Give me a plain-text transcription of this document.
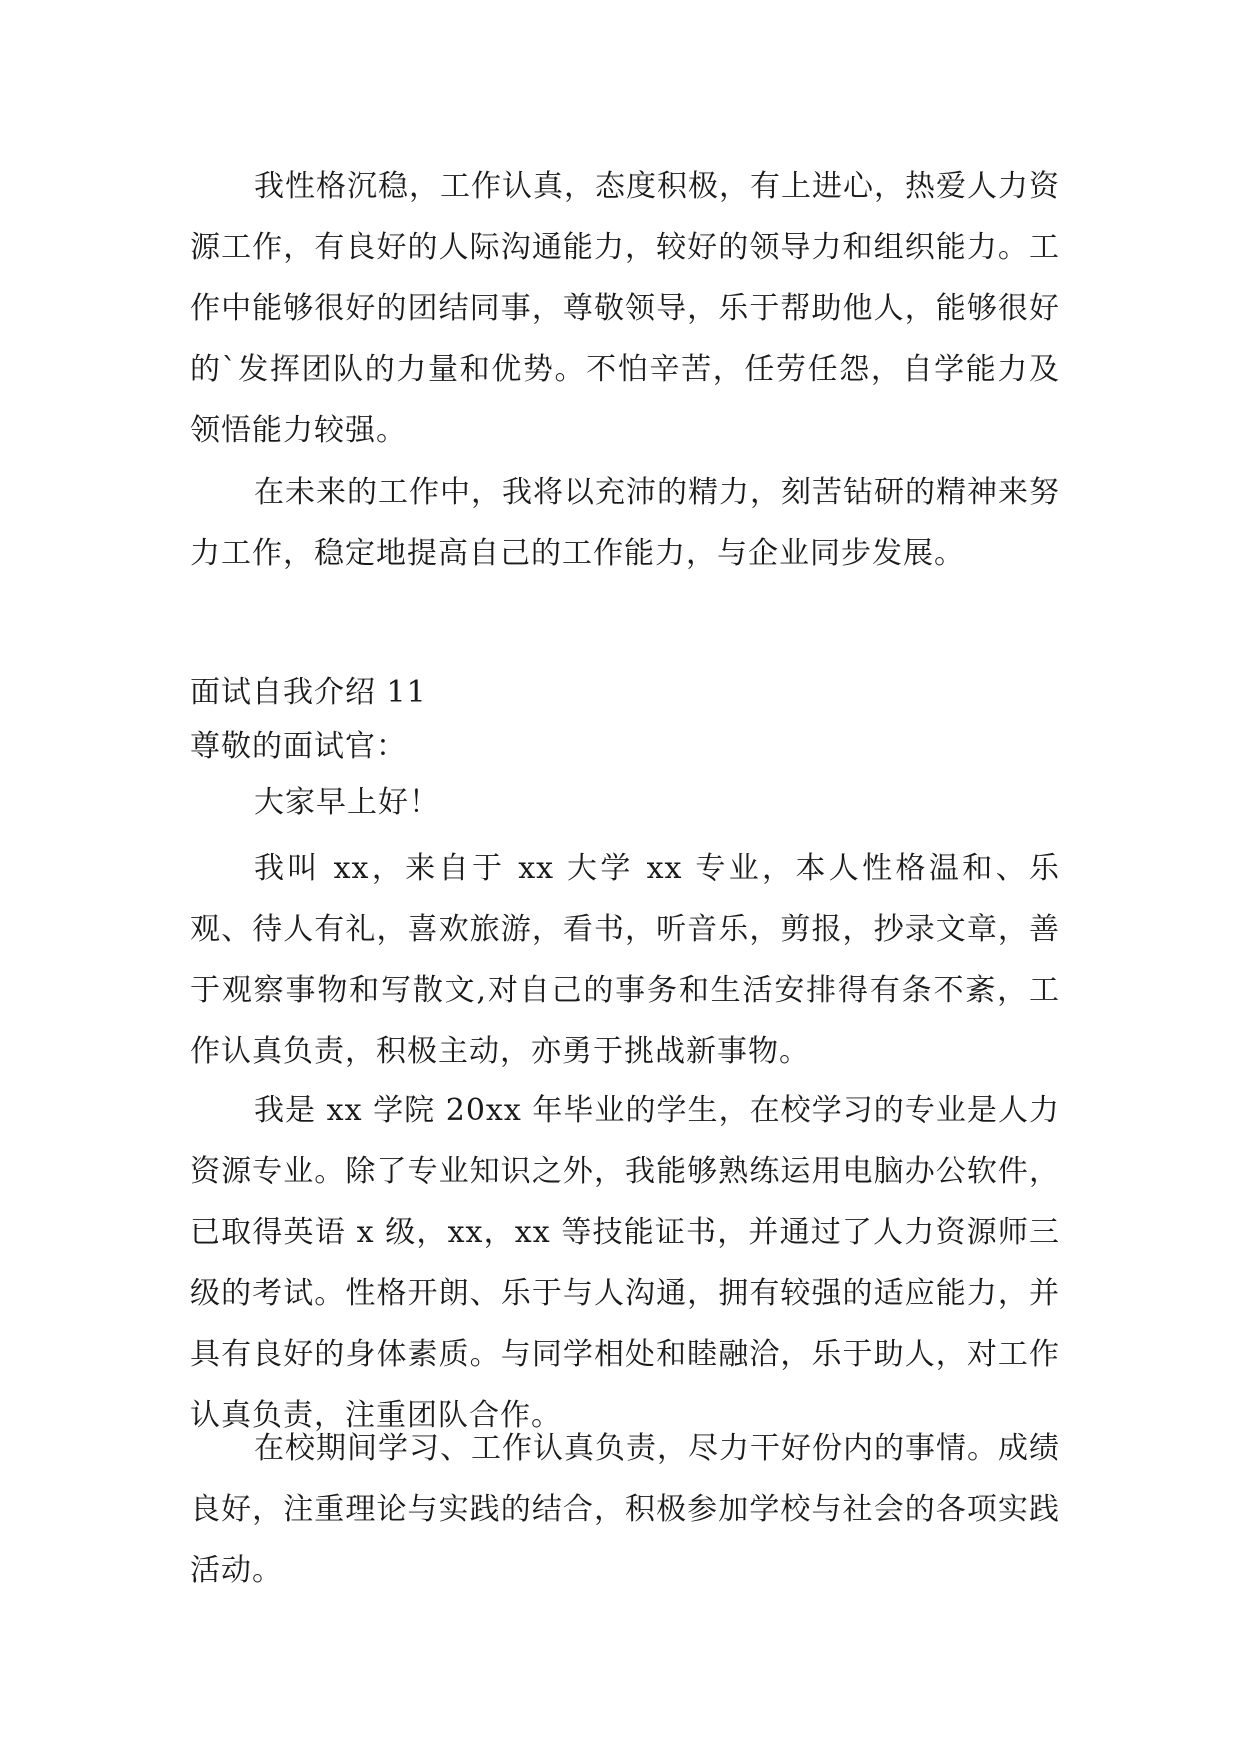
我性格沉稳，工作认真，态度积极，有上进心，热爱人力资源工作，有良好的人际沟通能力，较好的领导力和组织能力。工作中能够很好的团结同事，尊敬领导，乐于帮助他人，能够很好的`发挥团队的力量和优势。不怕辛苦，任劳任怨，自学能力及领悟能力较强。

在未来的工作中，我将以充沛的精力，刻苦钻研的精神来努力工作，稳定地提高自己的工作能力，与企业同步发展。

面试自我介绍 11

尊敬的面试官：

大家早上好！

我叫 xx，来自于 xx 大学 xx 专业，本人性格温和、乐观、待人有礼，喜欢旅游，看书，听音乐，剪报，抄录文章，善于观察事物和写散文,对自己的事务和生活安排得有条不紊，工作认真负责，积极主动，亦勇于挑战新事物。

我是 xx 学院 20xx 年毕业的学生，在校学习的专业是人力资源专业。除了专业知识之外，我能够熟练运用电脑办公软件，已取得英语 x 级，xx，xx 等技能证书，并通过了人力资源师三级的考试。性格开朗、乐于与人沟通，拥有较强的适应能力，并具有良好的身体素质。与同学相处和睦融洽，乐于助人，对工作认真负责，注重团队合作。

在校期间学习、工作认真负责，尽力干好份内的事情。成绩良好，注重理论与实践的结合，积极参加学校与社会的各项实践活动。
